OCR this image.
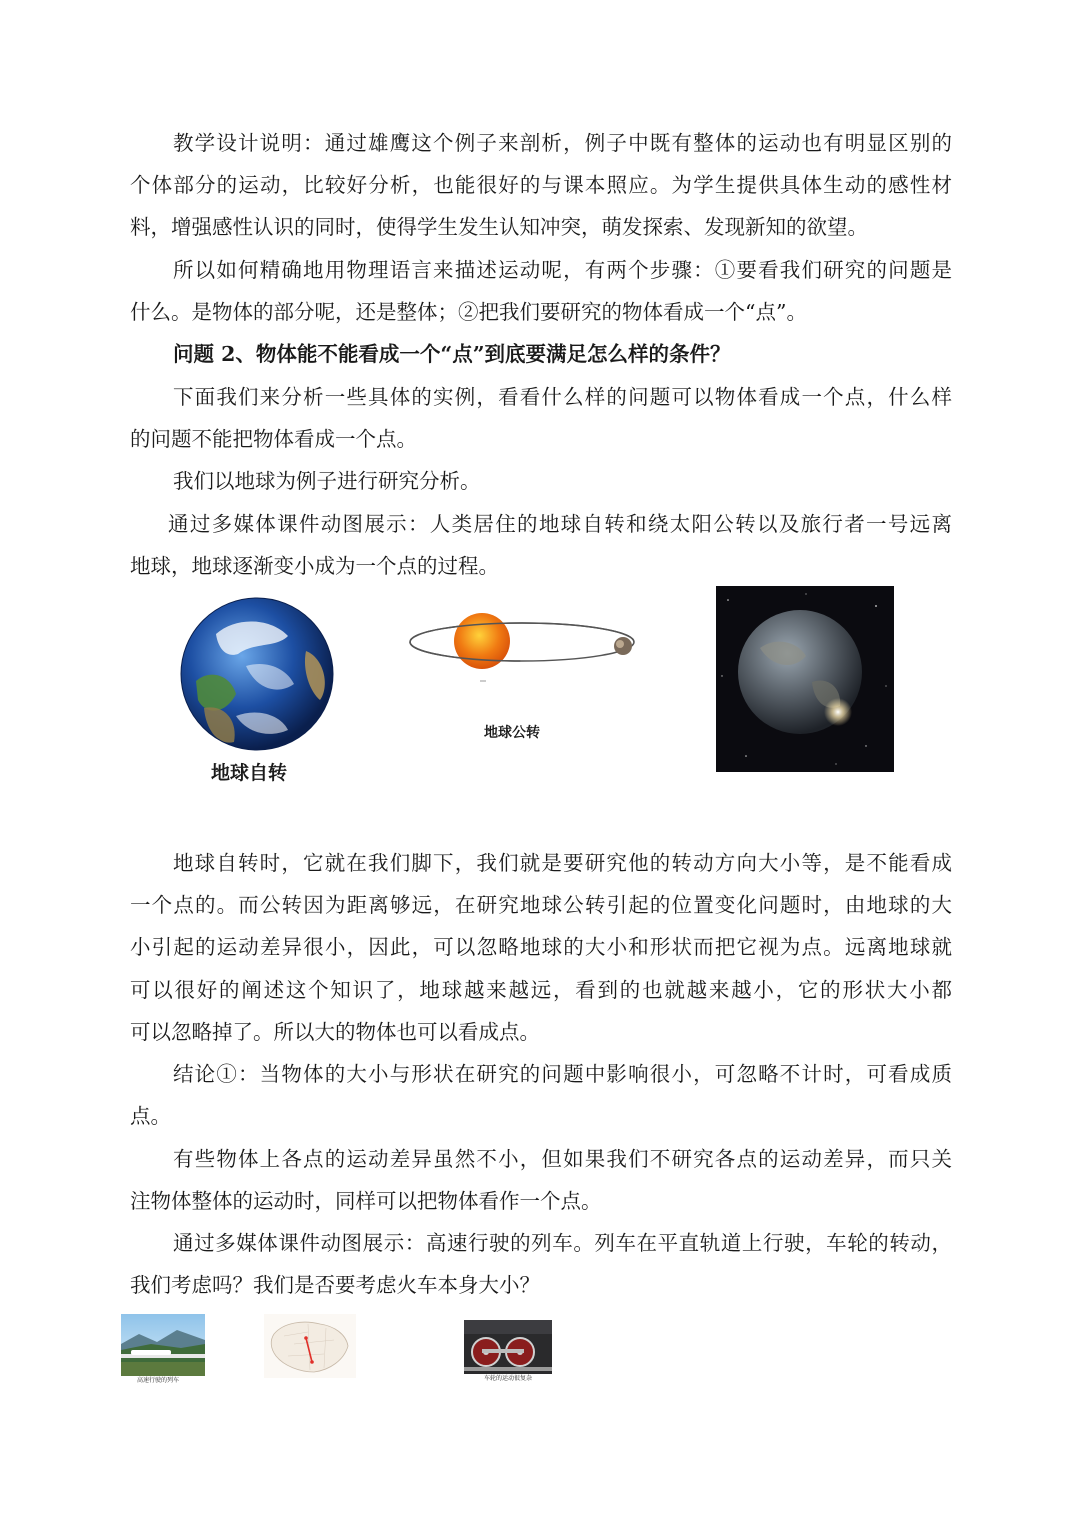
教学设计说明：通过雄鹰这个例子来剖析，例子中既有整体的运动也有明显区别的
个体部分的运动，比较好分析，也能很好的与课本照应。为学生提供具体生动的感性材
料，增强感性认识的同时，使得学生发生认知冲突，萌发探索、发现新知的欲望。
所以如何精确地用物理语言来描述运动呢，有两个步骤：①要看我们研究的问题是
什么。是物体的部分呢，还是整体；②把我们要研究的物体看成一个“点”。
问题 2、物体能不能看成一个“点”到底要满足怎么样的条件？
下面我们来分析一些具体的实例，看看什么样的问题可以物体看成一个点，什么样
的问题不能把物体看成一个点。
我们以地球为例子进行研究分析。
通过多媒体课件动图展示：人类居住的地球自转和绕太阳公转以及旅行者一号远离
地球，地球逐渐变小成为一个点的过程。
地球自转
地球公转
地球自转时，它就在我们脚下，我们就是要研究他的转动方向大小等，是不能看成
一个点的。而公转因为距离够远，在研究地球公转引起的位置变化问题时，由地球的大
小引起的运动差异很小，因此，可以忽略地球的大小和形状而把它视为点。远离地球就
可以很好的阐述这个知识了，地球越来越远，看到的也就越来越小，它的形状大小都
可以忽略掉了。所以大的物体也可以看成点。
结论①：当物体的大小与形状在研究的问题中影响很小，可忽略不计时，可看成质
点。
有些物体上各点的运动差异虽然不小，但如果我们不研究各点的运动差异，而只关
注物体整体的运动时，同样可以把物体看作一个点。
通过多媒体课件动图展示：高速行驶的列车。列车在平直轨道上行驶，车轮的转动，
我们考虑吗？我们是否要考虑火车本身大小？
高速行驶的列车	车轮的运动很复杂
